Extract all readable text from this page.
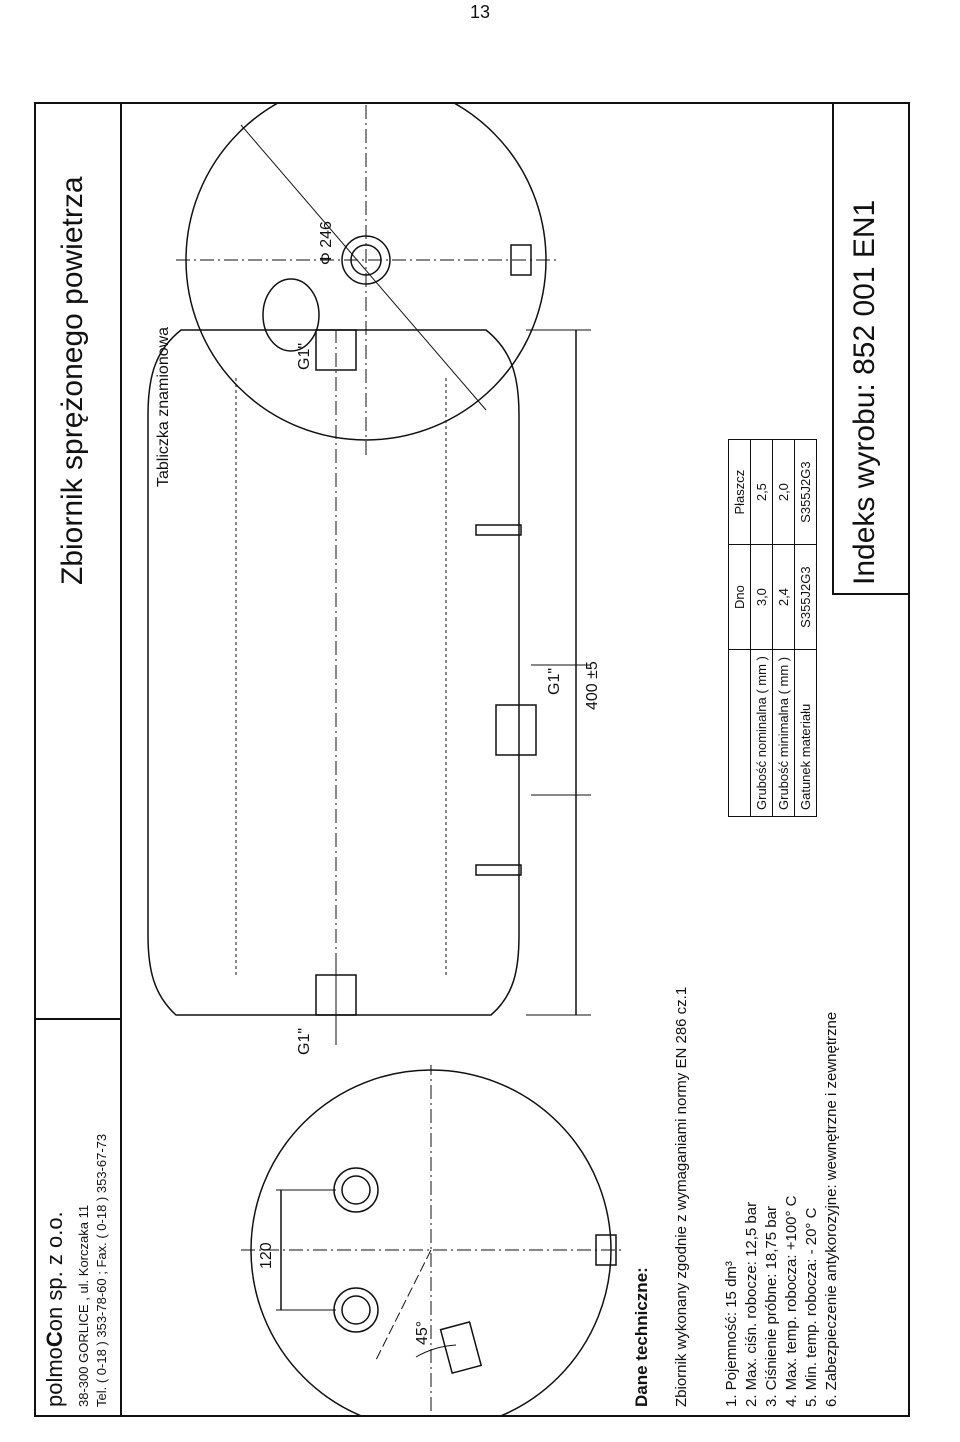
13
polmoCon sp. z o.o. 38-300 GORLICE , ul. Korczaka 11 Tel. ( 0-18 ) 353-78-60 ; Fax. ( 0-18 ) 353-67-73
Zbiornik sprężonego powietrza
120
45°
G1"
G1"
G1" 400 ±5
Φ 246
Tabliczka znamionowa
Dane techniczne: Zbiornik wykonany zgodnie z wymaganiami normy EN 286 cz.1 1. Pojemność: 15 dm³ 2. Max. ciśn. robocze: 12,5 bar 3. Ciśnienie próbne: 18,75 bar 4. Max. temp. robocza: +100° C 5. Min. temp. robocza: - 20° C 6. Zabezpieczenie antykorozyjne: wewnętrzne i zewnętrzne
	Dno	Płaszcz
Grubość nominalna ( mm )	3,0	2,5
Grubość minimalna ( mm )	2,4	2,0
Gatunek materiału	S355J2G3	S355J2G3 Indeks wyrobu: 852 001 EN1
